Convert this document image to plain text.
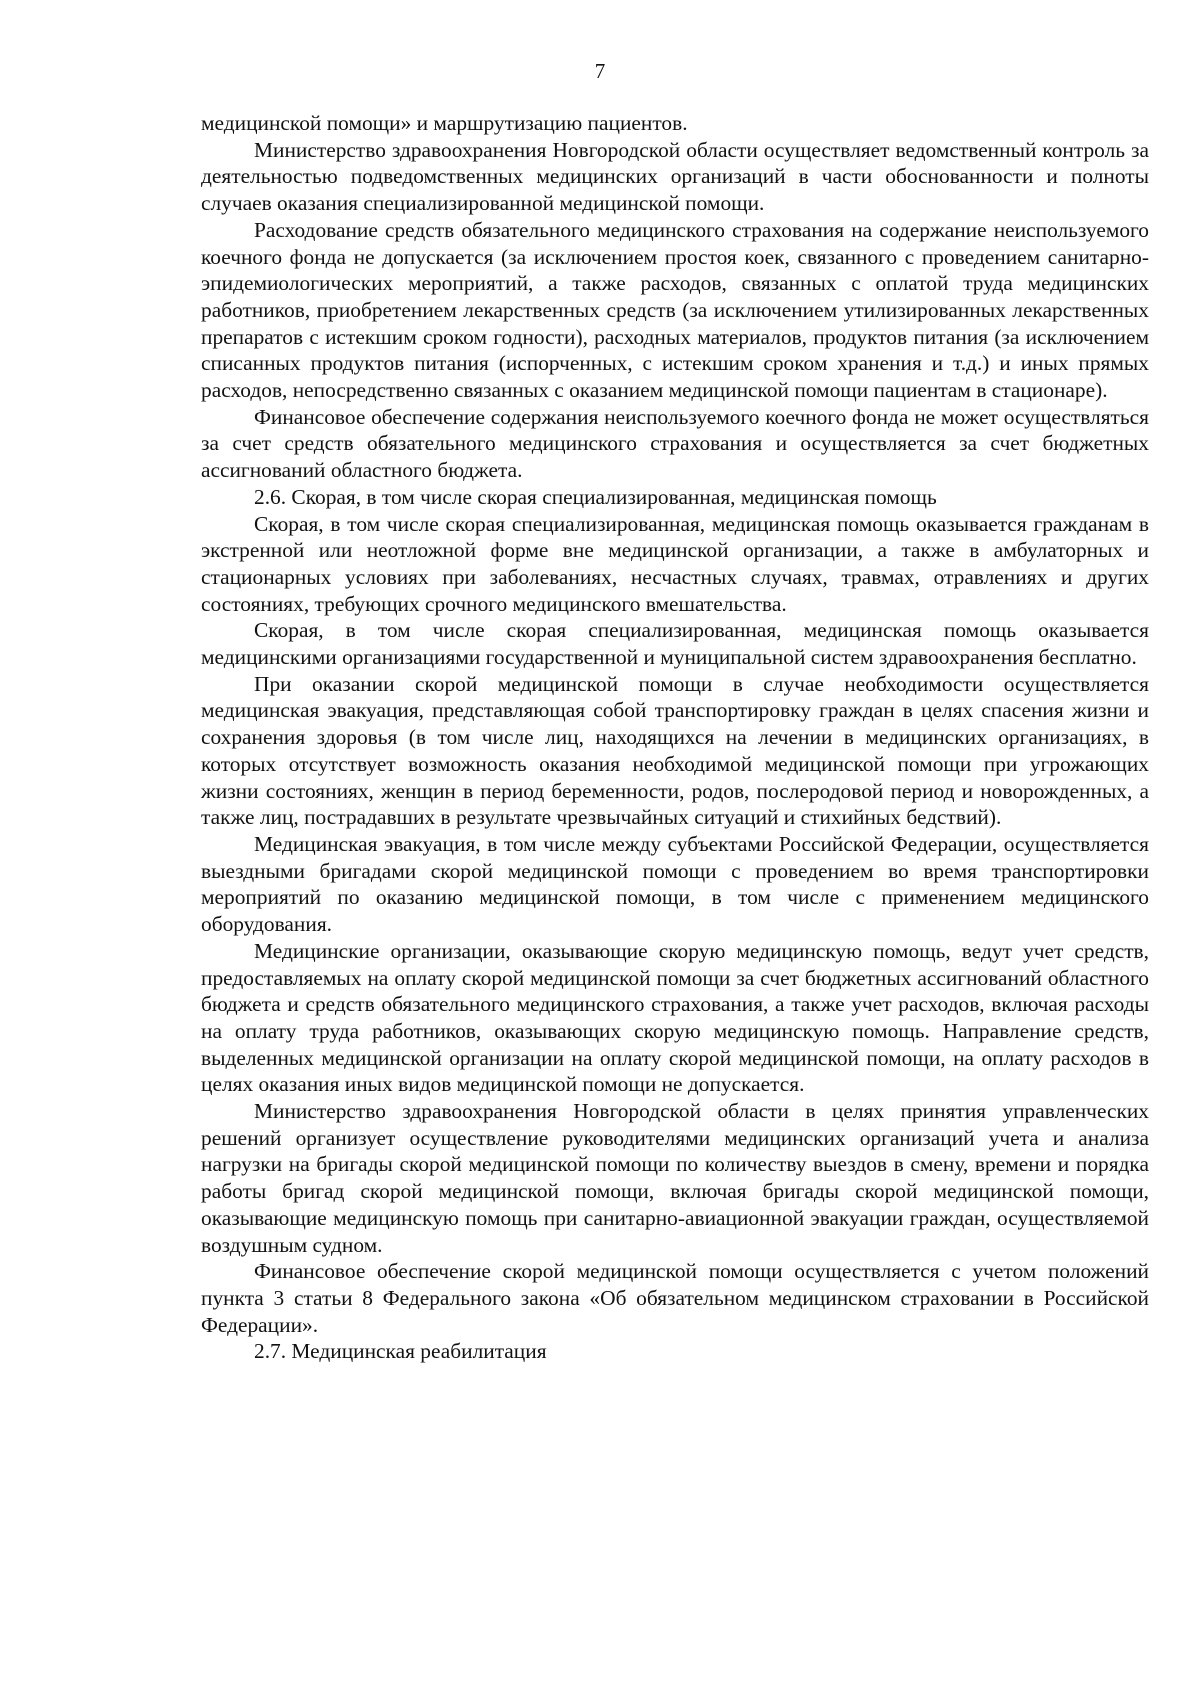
7

медицинской помощи» и маршрутизацию пациентов.

Министерство здравоохранения Новгородской области осуществляет ведомственный контроль за деятельностью подведомственных медицинских организаций в части обоснованности и полноты случаев оказания специализированной медицинской помощи.

Расходование средств обязательного медицинского страхования на содержание неиспользуемого коечного фонда не допускается (за исключением простоя коек, связанного с проведением санитарно-эпидемиологических мероприятий, а также расходов, связанных с оплатой труда медицинских работников, приобретением лекарственных средств (за исключением утилизированных лекарственных препаратов с истекшим сроком годности), расходных материалов, продуктов питания (за исключением списанных продуктов питания (испорченных, с истекшим сроком хранения и т.д.) и иных прямых расходов, непосредственно связанных с оказанием медицинской помощи пациентам в стационаре).

Финансовое обеспечение содержания неиспользуемого коечного фонда не может осуществляться за счет средств обязательного медицинского страхования и осуществляется за счет бюджетных ассигнований областного бюджета.

2.6. Скорая, в том числе скорая специализированная, медицинская помощь

Скорая, в том числе скорая специализированная, медицинская помощь оказывается гражданам в экстренной или неотложной форме вне медицинской организации, а также в амбулаторных и стационарных условиях при заболеваниях, несчастных случаях, травмах, отравлениях и других состояниях, требующих срочного медицинского вмешательства.

Скорая, в том числе скорая специализированная, медицинская помощь оказывается медицинскими организациями государственной и муниципальной систем здравоохранения бесплатно.

При оказании скорой медицинской помощи в случае необходимости осуществляется медицинская эвакуация, представляющая собой транспортировку граждан в целях спасения жизни и сохранения здоровья (в том числе лиц, находящихся на лечении в медицинских организациях, в которых отсутствует возможность оказания необходимой медицинской помощи при угрожающих жизни состояниях, женщин в период беременности, родов, послеродовой период и новорожденных, а также лиц, пострадавших в результате чрезвычайных ситуаций и стихийных бедствий).

Медицинская эвакуация, в том числе между субъектами Российской Федерации, осуществляется выездными бригадами скорой медицинской помощи с проведением во время транспортировки мероприятий по оказанию медицинской помощи, в том числе с применением медицинского оборудования.

Медицинские организации, оказывающие скорую медицинскую помощь, ведут учет средств, предоставляемых на оплату скорой медицинской помощи за счет бюджетных ассигнований областного бюджета и средств обязательного медицинского страхования, а также учет расходов, включая расходы на оплату труда работников, оказывающих скорую медицинскую помощь. Направление средств, выделенных медицинской организации на оплату скорой медицинской помощи, на оплату расходов в целях оказания иных видов медицинской помощи не допускается.

Министерство здравоохранения Новгородской области в целях принятия управленческих решений организует осуществление руководителями медицинских организаций учета и анализа нагрузки на бригады скорой медицинской помощи по количеству выездов в смену, времени и порядка работы бригад скорой медицинской помощи, включая бригады скорой медицинской помощи, оказывающие медицинскую помощь при санитарно-авиационной эвакуации граждан, осуществляемой воздушным судном.

Финансовое обеспечение скорой медицинской помощи осуществляется с учетом положений пункта 3 статьи 8 Федерального закона «Об обязательном медицинском страховании в Российской Федерации».

2.7. Медицинская реабилитация
